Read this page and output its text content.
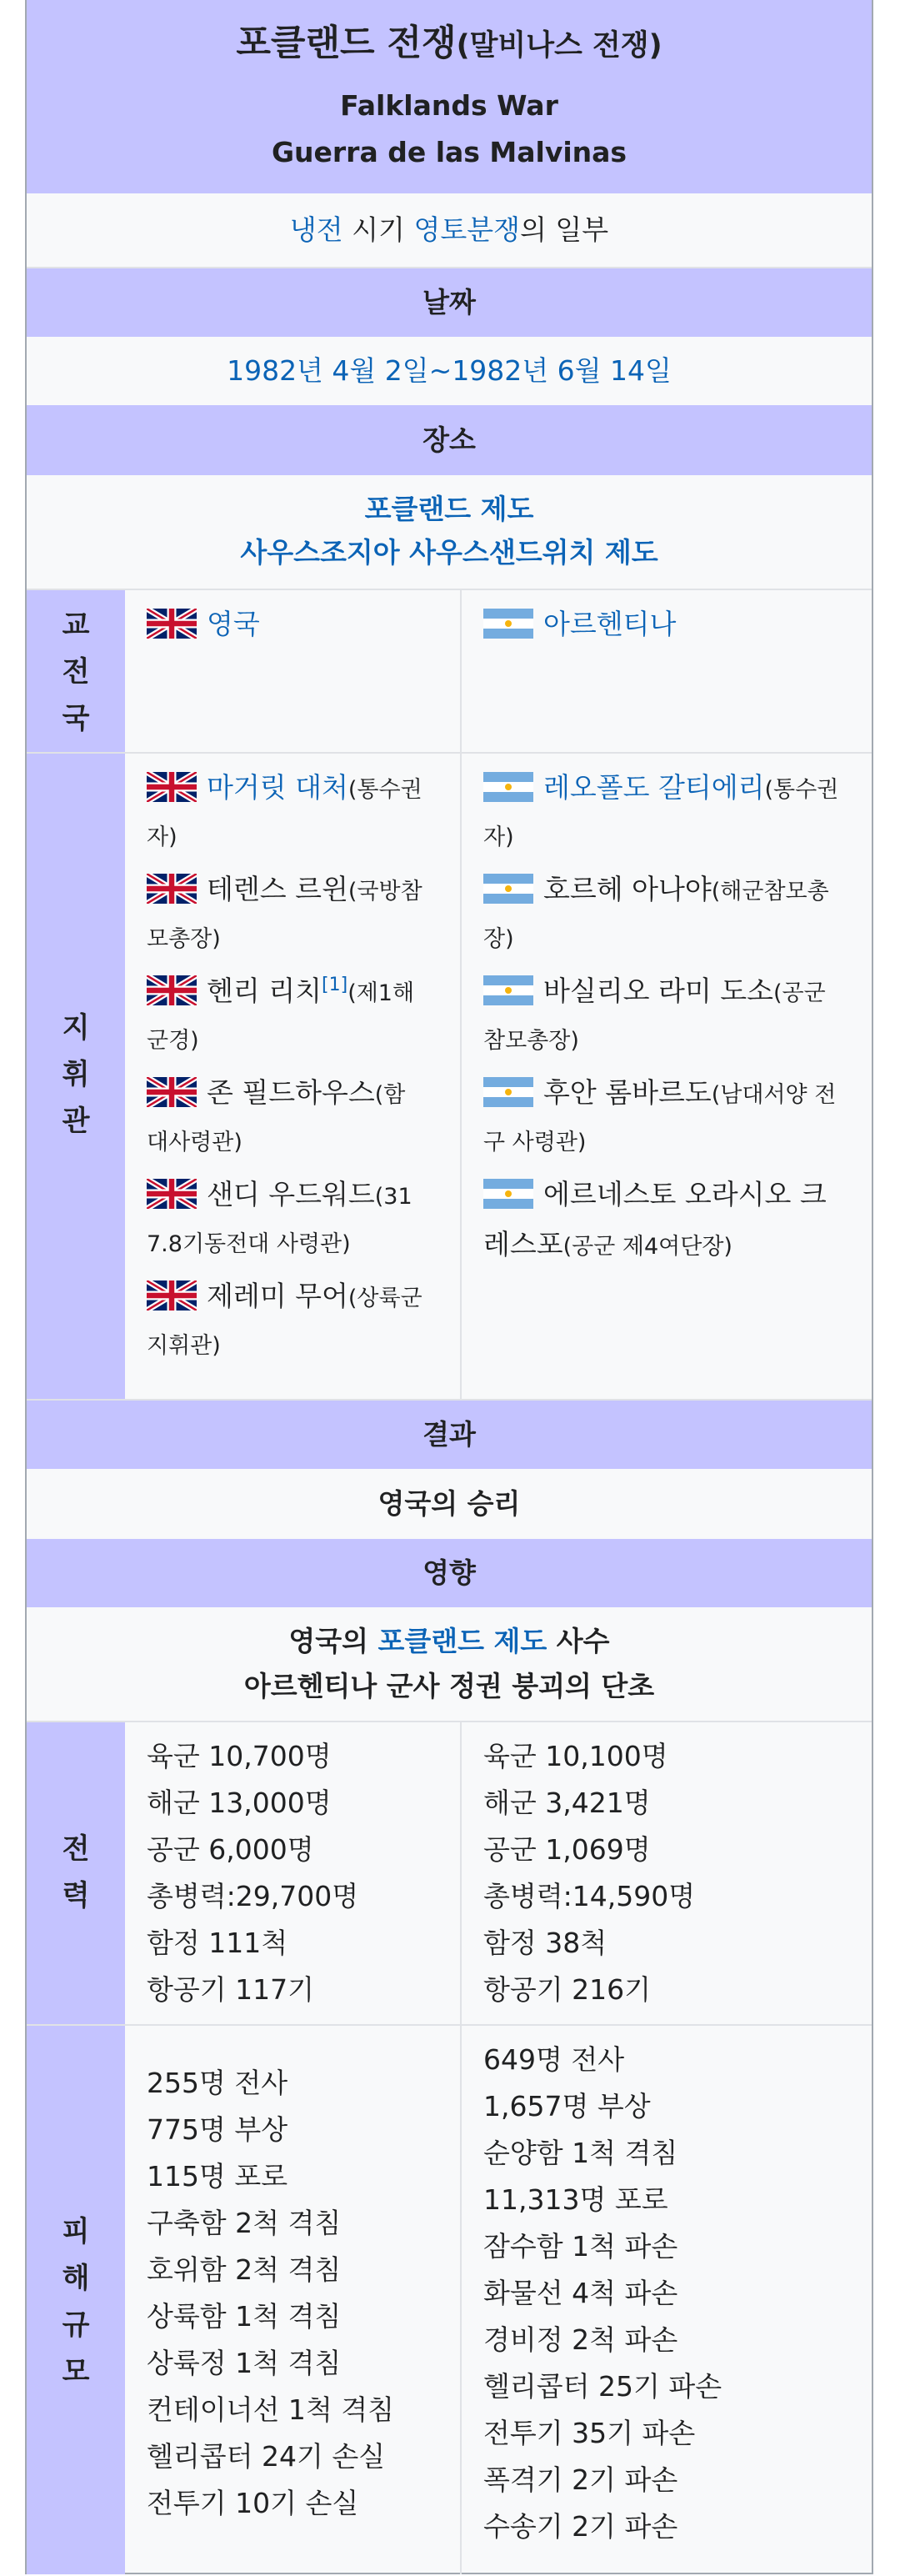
포클랜드 전쟁(말비나스 전쟁)
Falklands War
Guerra de las Malvinas
냉전 시기 영토분쟁의 일부
날짜
1982년 4월 2일~1982년 6월 14일
장소
포클랜드 제도
사우스조지아 사우스샌드위치 제도
교
전
국
영국	아르헨티나
지
휘
관
마거릿 대처(통수권
자)
테렌스 르윈(국방참
모총장)
헨리 리치[1](제1해
군경)
존 필드하우스(함
대사령관)
샌디 우드워드(31
7.8기동전대 사령관)
제레미 무어(상륙군
지휘관)
레오폴도 갈티에리(통수권
자)
호르헤 아나야(해군참모총
장)
바실리오 라미 도소(공군
참모총장)
후안 롬바르도(남대서양 전
구 사령관)
에르네스토 오라시오 크
레스포(공군 제4여단장)
결과
영국의 승리
영향
영국의 포클랜드 제도 사수
아르헨티나 군사 정권 붕괴의 단초
전
력
육군 10,700명
해군 13,000명
공군 6,000명
총병력:29,700명
함정 111척
항공기 117기
육군 10,100명
해군 3,421명
공군 1,069명
총병력:14,590명
함정 38척
항공기 216기
피
해
규
모
255명 전사
775명 부상
115명 포로
구축함 2척 격침
호위함 2척 격침
상륙함 1척 격침
상륙정 1척 격침
컨테이너선 1척 격침
헬리콥터 24기 손실
전투기 10기 손실
649명 전사
1,657명 부상
순양함 1척 격침
11,313명 포로
잠수함 1척 파손
화물선 4척 파손
경비정 2척 파손
헬리콥터 25기 파손
전투기 35기 파손
폭격기 2기 파손
수송기 2기 파손
